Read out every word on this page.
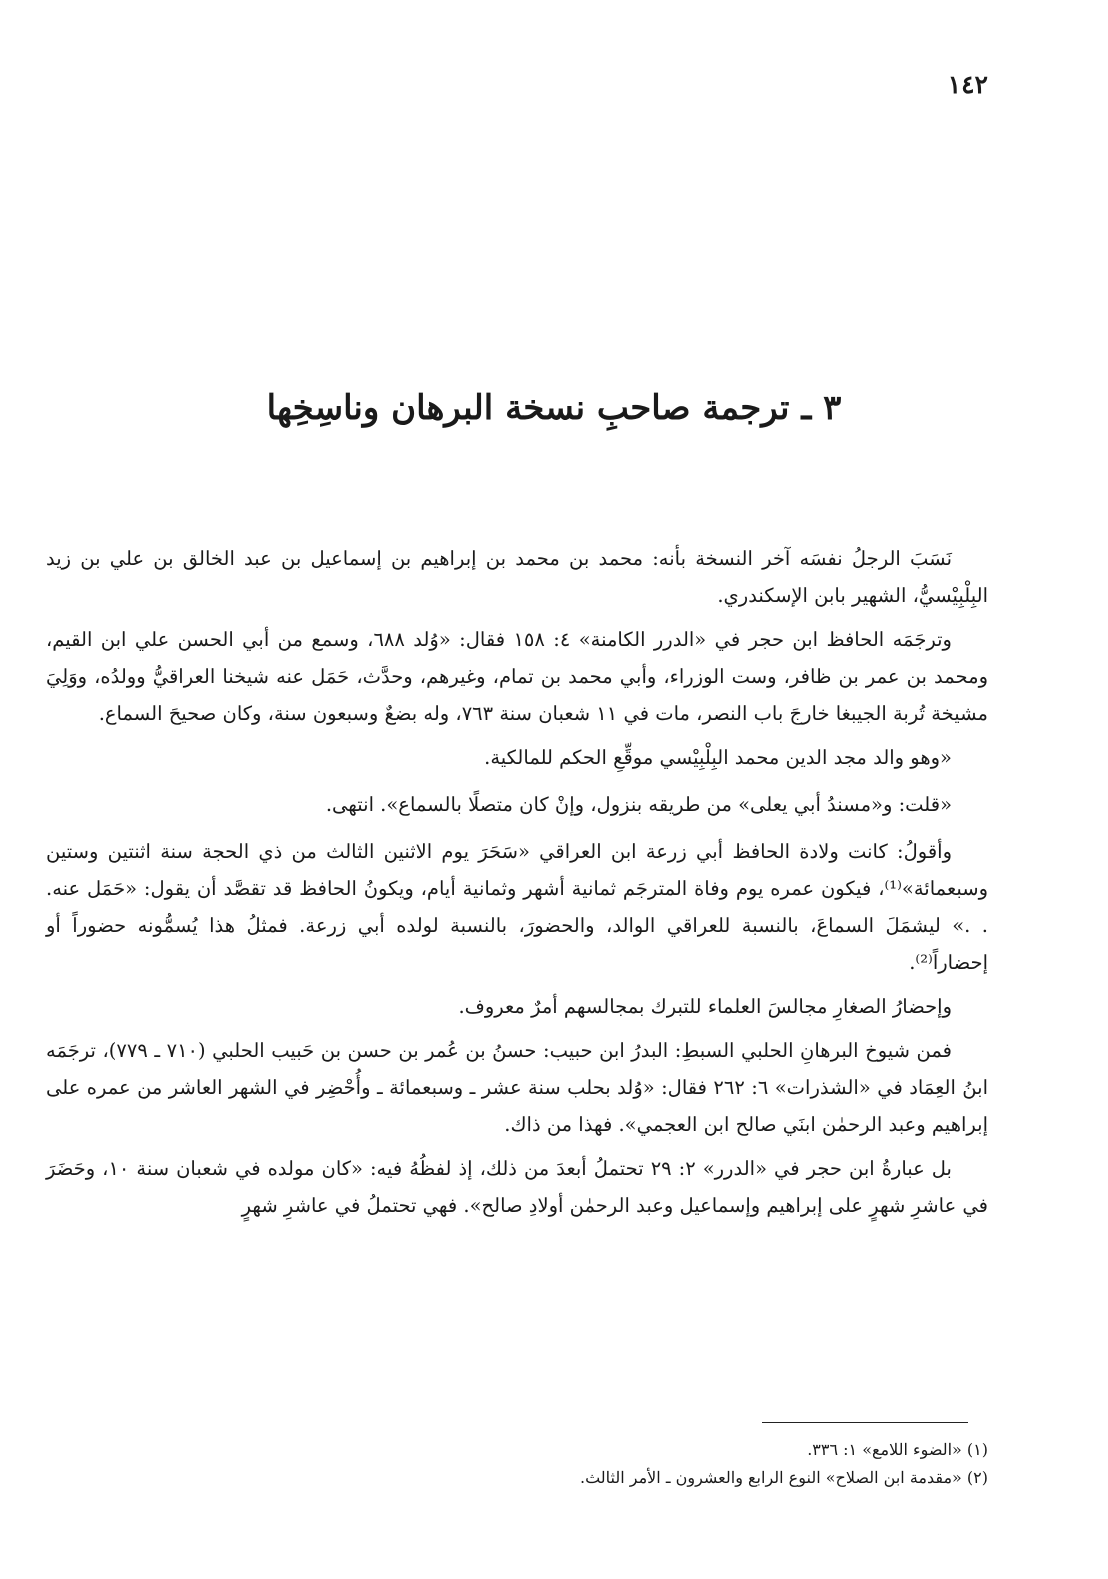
١٤٢
٣ ـ ترجمة صاحبِ نسخة البرهان وناسِخِها

نَسَبَ الرجلُ نفسَه آخر النسخة بأنه: محمد بن محمد بن إبراهيم بن إسماعيل بن عبد الخالق بن علي بن زيد البِلْبِيْسيُّ، الشهير بابن الإسكندري.

وترجَمَه الحافظ ابن حجر في «الدرر الكامنة» ٤: ١٥٨ فقال: «وُلد ٦٨٨، وسمع من أبي الحسن علي ابن القيم، ومحمد بن عمر بن ظافر، وست الوزراء، وأبي محمد بن تمام، وغيرهم، وحدَّث، حَمَل عنه شيخنا العراقيُّ وولدُه، ووَلِيَ مشيخة تُربة الجيبغا خارجَ باب النصر، مات في ١١ شعبان سنة ٧٦٣، وله بضعٌ وسبعون سنة، وكان صحيحَ السماع.

«وهو والد مجد الدين محمد البِلْبِيْسي موقِّعِ الحكم للمالكية.

«قلت: و«مسندُ أبي يعلى» من طريقه بنزول، وإنْ كان متصلًا بالسماع». انتهى.

وأقولُ: كانت ولادة الحافظ أبي زرعة ابن العراقي «سَحَرَ يوم الاثنين الثالث من ذي الحجة سنة اثنتين وستين وسبعمائة»⁽¹⁾، فيكون عمره يوم وفاة المترجَم ثمانية أشهر وثمانية أيام، ويكونُ الحافظ قد تقصَّد أن يقول: «حَمَل عنه. . .» ليشمَلَ السماعَ، بالنسبة للعراقي الوالد، والحضورَ، بالنسبة لولده أبي زرعة. فمثلُ هذا يُسمُّونه حضوراً أو إحضاراً⁽²⁾.

وإحضارُ الصغارِ مجالسَ العلماء للتبرك بمجالسهم أمرٌ معروف.

فمن شيوخ البرهانِ الحلبي السبطِ: البدرُ ابن حبيب: حسنُ بن عُمر بن حسن بن حَبيب الحلبي (٧١٠ ـ ٧٧٩)، ترجَمَه ابنُ العِمَاد في «الشذرات» ٦: ٢٦٢ فقال: «وُلد بحلب سنة عشر ـ وسبعمائة ـ وأُحْضِر في الشهر العاشر من عمره على إبراهيم وعبد الرحمٰن ابنَي صالح ابن العجمي». فهذا من ذاك.

بل عبارةُ ابن حجر في «الدرر» ٢: ٢٩ تحتملُ أبعدَ من ذلك، إذ لفظُهُ فيه: «كان مولده في شعبان سنة ١٠، وحَضَرَ في عاشرِ شهرٍ على إبراهيم وإسماعيل وعبد الرحمٰن أولادِ صالح». فهي تحتملُ في عاشرِ شهرٍ

(١) «الضوء اللامع» ١: ٣٣٦.

(٢) «مقدمة ابن الصلاح» النوع الرابع والعشرون ـ الأمر الثالث.
